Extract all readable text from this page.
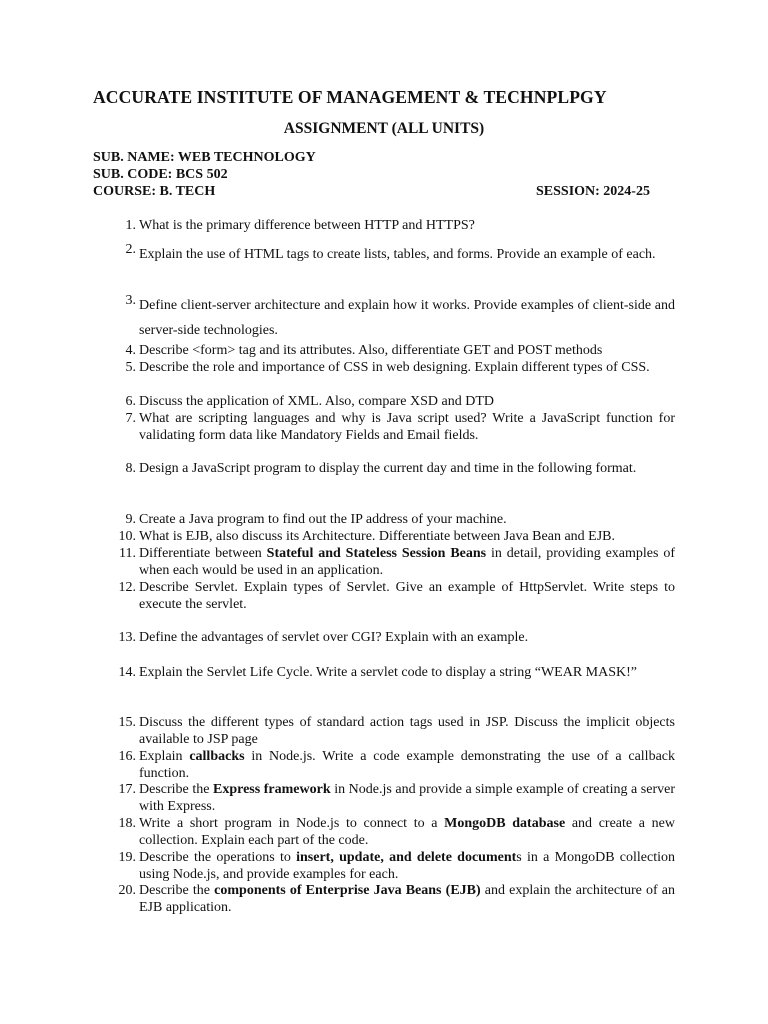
ACCURATE INSTITUTE OF MANAGEMENT & TECHNPLPGY
ASSIGNMENT (ALL UNITS)
SUB. NAME: WEB TECHNOLOGY
SUB. CODE: BCS 502
COURSE: B. TECH	SESSION: 2024-25
1. What is the primary difference between HTTP and HTTPS?
2. Explain the use of HTML tags to create lists, tables, and forms. Provide an example of each.
3. Define client-server architecture and explain how it works. Provide examples of client-side and server-side technologies.
4. Describe <form> tag and its attributes. Also, differentiate GET and POST methods
5. Describe the role and importance of CSS in web designing. Explain different types of CSS.
6. Discuss the application of XML. Also, compare XSD and DTD
7. What are scripting languages and why is Java script used? Write a JavaScript function for validating form data like Mandatory Fields and Email fields.
8. Design a JavaScript program to display the current day and time in the following format.
9. Create a Java program to find out the IP address of your machine.
10. What is EJB, also discuss its Architecture. Differentiate between Java Bean and EJB.
11. Differentiate between Stateful and Stateless Session Beans in detail, providing examples of when each would be used in an application.
12. Describe Servlet. Explain types of Servlet. Give an example of HttpServlet. Write steps to execute the servlet.
13. Define the advantages of servlet over CGI? Explain with an example.
14. Explain the Servlet Life Cycle. Write a servlet code to display a string “WEAR MASK!”
15. Discuss the different types of standard action tags used in JSP. Discuss the implicit objects available to JSP page
16. Explain callbacks in Node.js. Write a code example demonstrating the use of a callback function.
17. Describe the Express framework in Node.js and provide a simple example of creating a server with Express.
18. Write a short program in Node.js to connect to a MongoDB database and create a new collection. Explain each part of the code.
19. Describe the operations to insert, update, and delete documents in a MongoDB collection using Node.js, and provide examples for each.
20. Describe the components of Enterprise Java Beans (EJB) and explain the architecture of an EJB application.
